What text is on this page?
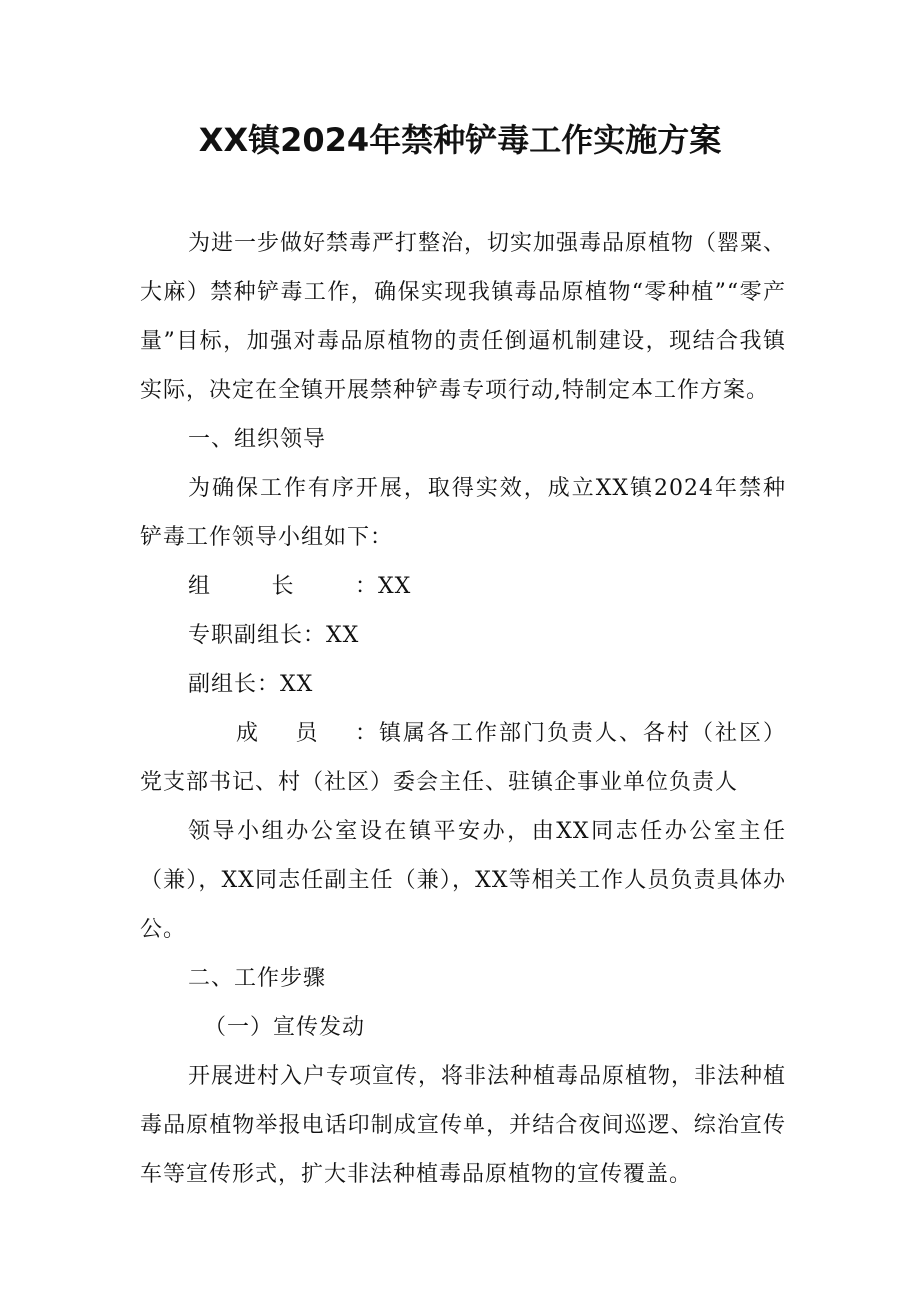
XX镇2024年禁种铲毒工作实施方案

为进一步做好禁毒严打整治，切实加强毒品原植物（罂粟、大麻）禁种铲毒工作，确保实现我镇毒品原植物“零种植”“零产量”目标，加强对毒品原植物的责任倒逼机制建设，现结合我镇实际，决定在全镇开展禁种铲毒专项行动,特制定本工作方案。

一、组织领导

为确保工作有序开展，取得实效，成立XX镇2024年禁种铲毒工作领导小组如下：

组长：XX

专职副组长：XX

副组长：XX

成员：镇属各工作部门负责人、各村（社区）党支部书记、村（社区）委会主任、驻镇企事业单位负责人

领导小组办公室设在镇平安办，由XX同志任办公室主任（兼），XX同志任副主任（兼），XX等相关工作人员负责具体办公。

二、工作步骤

（一）宣传发动

开展进村入户专项宣传，将非法种植毒品原植物，非法种植毒品原植物举报电话印制成宣传单，并结合夜间巡逻、综治宣传车等宣传形式，扩大非法种植毒品原植物的宣传覆盖。
